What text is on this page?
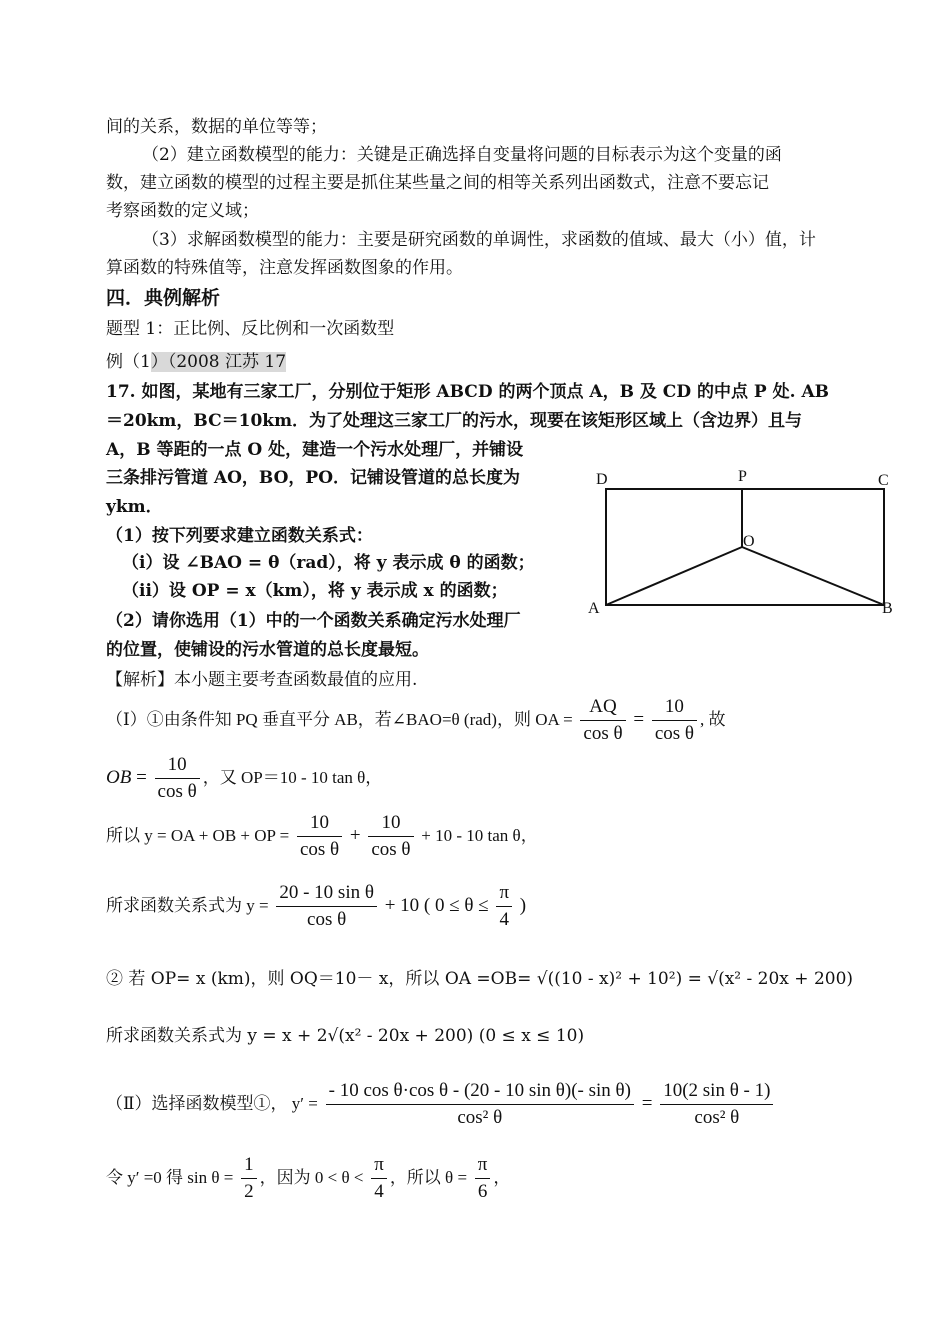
间的关系，数据的单位等等；
（2）建立函数模型的能力：关键是正确选择自变量将问题的目标表示为这个变量的函
数，建立函数的模型的过程主要是抓住某些量之间的相等关系列出函数式，注意不要忘记
考察函数的定义域；
（3）求解函数模型的能力：主要是研究函数的单调性，求函数的值域、最大（小）值，计
算函数的特殊值等，注意发挥函数图象的作用。
四．典例解析
题型 1：正比例、反比例和一次函数型
例（1）（2008 江苏 17
17. 如图，某地有三家工厂，分别位于矩形 ABCD 的两个顶点 A，B 及 CD 的中点 P 处. AB
＝20km，BC＝10km．为了处理这三家工厂的污水，现要在该矩形区域上（含边界）且与
A，B 等距的一点 O 处，建造一个污水处理厂，并铺设
三条排污管道 AO，BO，PO．记铺设管道的总长度为
ykm．
（1）按下列要求建立函数关系式：
（i）设 ∠BAO = θ（rad），将 y 表示成 θ 的函数；
（ii）设 OP = x（km），将 y 表示成 x 的函数；
（2）请你选用（1）中的一个函数关系确定污水处理厂
的位置，使铺设的污水管道的总长度最短。
D	P	C
O
A	B
【解析】本小题主要考查函数最值的应用.
（Ⅰ）①由条件知 PQ 垂直平分 AB，若∠BAO=θ (rad)，则 OA = $\frac{AQ}{\text{cos θ}} = \frac{10}{\text{cos θ}}$ , 故
OB = $\frac{10}{\text{cos θ}}$ ，又 OP＝10 - 10 tan θ，
所以 y = OA + OB + OP = $\frac{10}{\text{cos θ}} + \frac{10}{\text{cos θ}} + 10 - 10$ tan θ，
所求函数关系式为 $y = \frac{\text{20 - 10 sin θ}}{\text{cos θ}} + 10$ ( $0 \le \theta \le \frac{\pi}{4}$ )
② 若 OP= x (km)，则 OQ＝10－ x，所以 OA =OB= √((10 - x)² + 10²) = √(x² - 20x + 200)
所求函数关系式为 y = x + 2√(x² - 20x + 200) (0 ≤ x ≤ 10)
（Ⅱ）选择函数模型①， $y' = \frac{\text{- 10 cos θ·cos θ - (20 - 10 sin θ)(- sin θ)}}{\text{cos² θ}} = \frac{\text{10(2 sin θ - 1)}}{\text{cos² θ}}$
令 y′ =0 得 $\sin \theta = \frac{1}{2}$ ，因为 $0 < \theta < \frac{\pi}{4}$ ，所以 $\theta = \frac{\pi}{6}$ ，
